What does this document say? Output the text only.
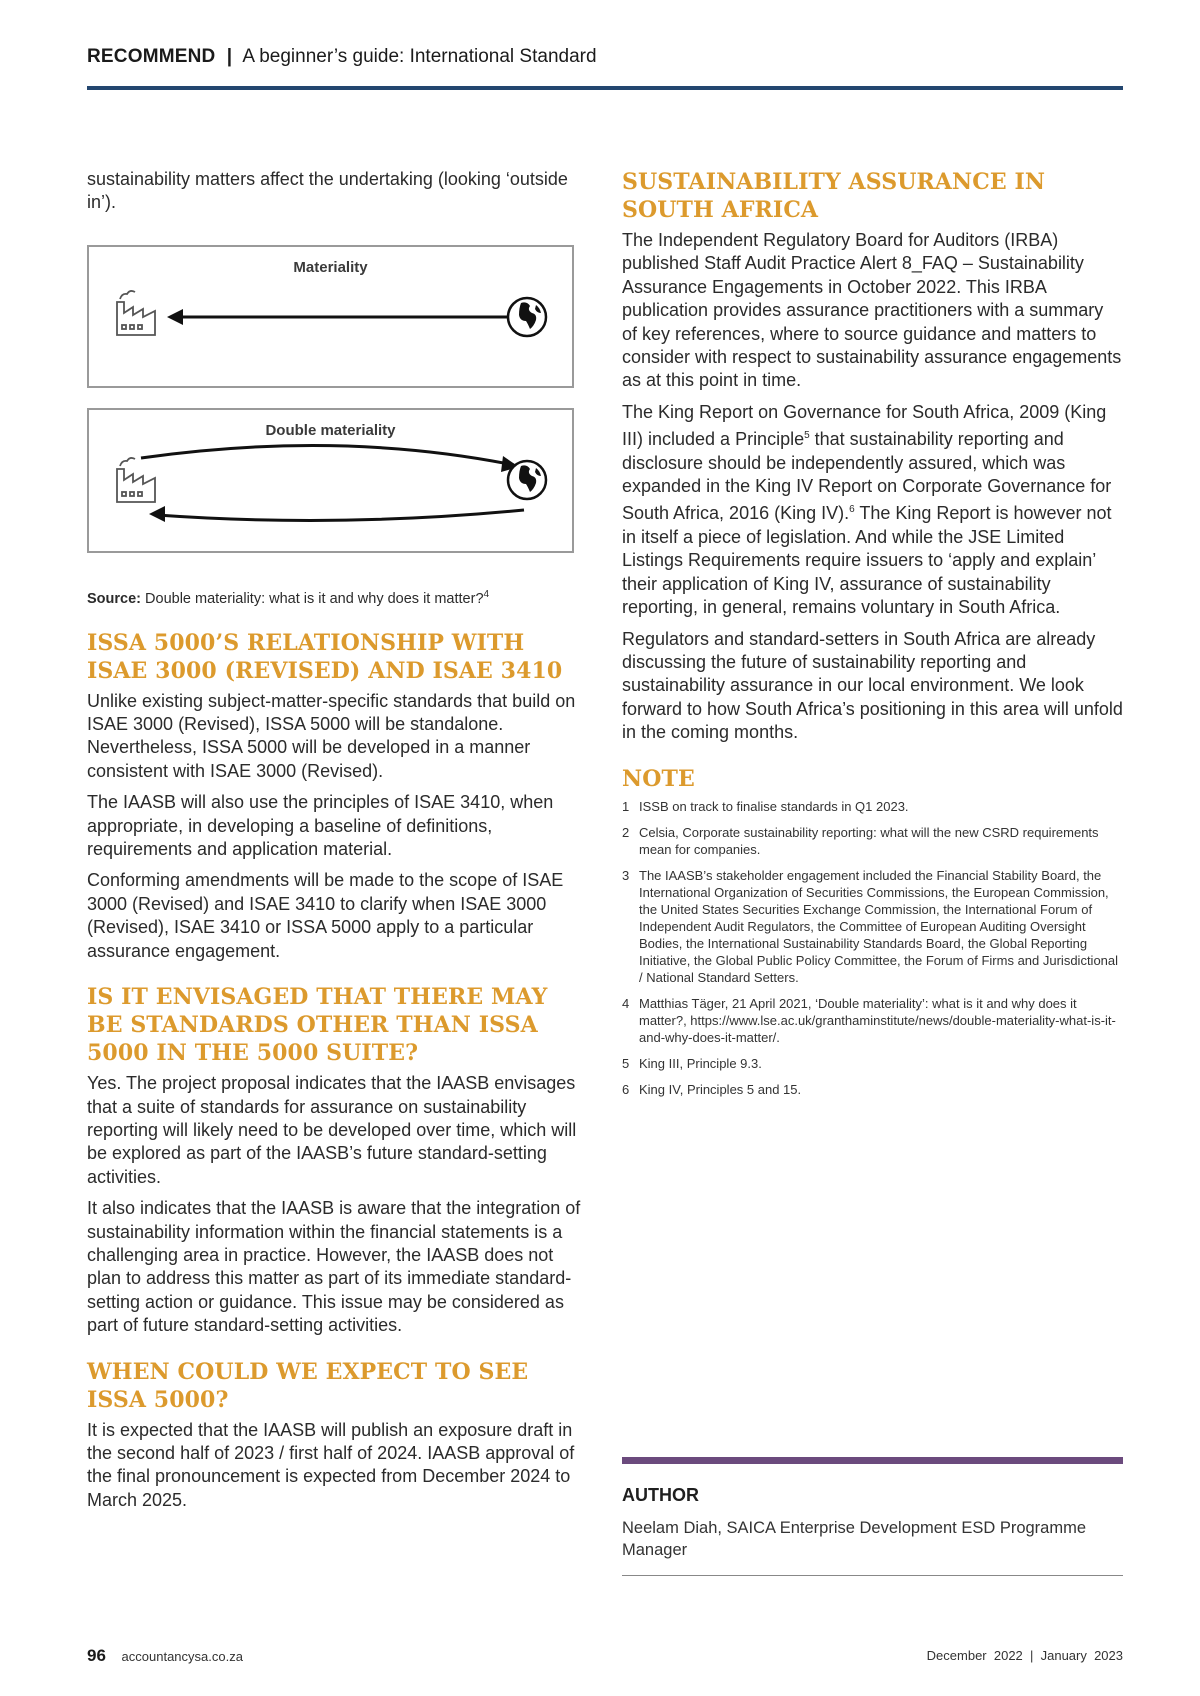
RECOMMEND | A beginner’s guide: International Standard

sustainability matters affect the undertaking (looking ‘outside in’).

Materiality
Double materiality
Source: Double materiality: what is it and why does it matter?$^4$
ISSA 5000’S RELATIONSHIP WITH ISAE 3000 (REVISED) AND ISAE 3410

Unlike existing subject-matter-specific standards that build on ISAE 3000 (Revised), ISSA 5000 will be standalone. Nevertheless, ISSA 5000 will be developed in a manner consistent with ISAE 3000 (Revised).

The IAASB will also use the principles of ISAE 3410, when appropriate, in developing a baseline of definitions, requirements and application material.

Conforming amendments will be made to the scope of ISAE 3000 (Revised) and ISAE 3410 to clarify when ISAE 3000 (Revised), ISAE 3410 or ISSA 5000 apply to a particular assurance engagement.

IS IT ENVISAGED THAT THERE MAY BE STANDARDS OTHER THAN ISSA 5000 IN THE 5000 SUITE?

Yes. The project proposal indicates that the IAASB envisages that a suite of standards for assurance on sustainability reporting will likely need to be developed over time, which will be explored as part of the IAASB’s future standard-setting activities.

It also indicates that the IAASB is aware that the integration of sustainability information within the financial statements is a challenging area in practice. However, the IAASB does not plan to address this matter as part of its immediate standard-setting action or guidance. This issue may be considered as part of future standard-setting activities.

WHEN COULD WE EXPECT TO SEE ISSA 5000?

It is expected that the IAASB will publish an exposure draft in the second half of 2023 / first half of 2024. IAASB approval of the final pronouncement is expected from December 2024 to March 2025.

SUSTAINABILITY ASSURANCE IN SOUTH AFRICA

The Independent Regulatory Board for Auditors (IRBA) published Staff Audit Practice Alert 8_FAQ – Sustainability Assurance Engagements in October 2022. This IRBA publication provides assurance practitioners with a summary of key references, where to source guidance and matters to consider with respect to sustainability assurance engagements as at this point in time.

The King Report on Governance for South Africa, 2009 (King III) included a Principle$^5$ that sustainability reporting and disclosure should be independently assured, which was expanded in the King IV Report on Corporate Governance for South Africa, 2016 (King IV).$^6$ The King Report is however not in itself a piece of legislation. And while the JSE Limited Listings Requirements require issuers to ‘apply and explain’ their application of King IV, assurance of sustainability reporting, in general, remains voluntary in South Africa.

Regulators and standard-setters in South Africa are already discussing the future of sustainability reporting and sustainability assurance in our local environment. We look forward to how South Africa’s positioning in this area will unfold in the coming months.

NOTE
1 ISSB on track to finalise standards in Q1 2023.
2 Celsia, Corporate sustainability reporting: what will the new CSRD requirements mean for companies.
3 The IAASB’s stakeholder engagement included the Financial Stability Board, the International Organization of Securities Commissions, the European Commission, the United States Securities Exchange Commission, the International Forum of Independent Audit Regulators, the Committee of European Auditing Oversight Bodies, the International Sustainability Standards Board, the Global Reporting Initiative, the Global Public Policy Committee, the Forum of Firms and Jurisdictional / National Standard Setters.
4 Matthias Täger, 21 April 2021, ‘Double materiality’: what is it and why does it matter?, https://www.lse.ac.uk/granthaminstitute/news/double-materiality-what-is-it-and-why-does-it-matter/.
5 King III, Principle 9.3.
6 King IV, Principles 5 and 15.
AUTHOR
Neelam Diah, SAICA Enterprise Development ESD Programme Manager
96 accountancysa.co.za	December  2022  |  January  2023
